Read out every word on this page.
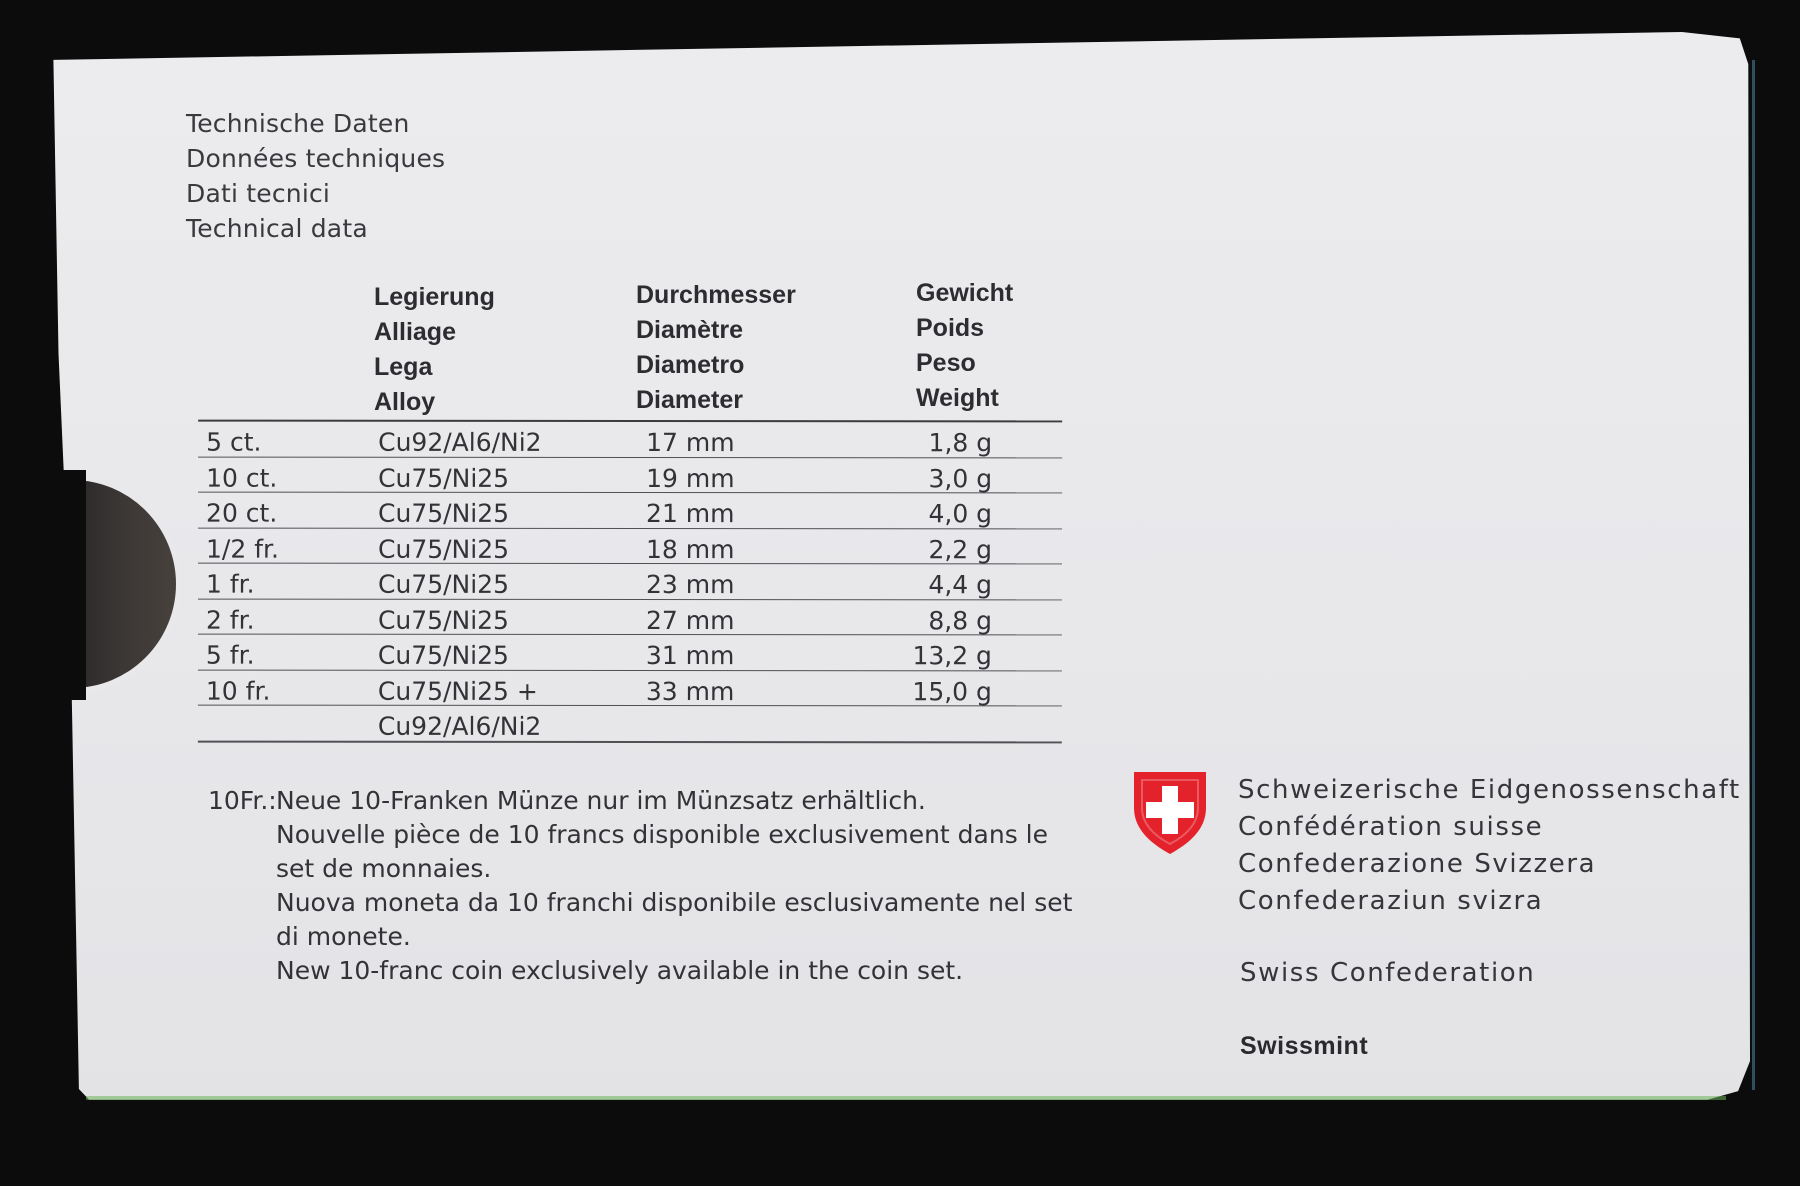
Technische Daten
Données techniques
Dati tecnici
Technical data
Legierung
Alliage
Lega
Alloy
Durchmesser
Diamètre
Diametro
Diameter
Gewicht
Poids
Peso
Weight
5 ct.	Cu92/Al6/Ni2	17 mm	1,8 g
10 ct.	Cu75/Ni25	19 mm	3,0 g
20 ct.	Cu75/Ni25	21 mm	4,0 g
1/2 fr.	Cu75/Ni25	18 mm	2,2 g
1 fr.	Cu75/Ni25	23 mm	4,4 g
2 fr.	Cu75/Ni25	27 mm	8,8 g
5 fr.	Cu75/Ni25	31 mm	13,2 g
10 fr.	Cu75/Ni25 +	33 mm	15,0 g
Cu92/Al6/Ni2
10Fr.: Neue 10-Franken Münze nur im Münzsatz erhältlich.
Nouvelle pièce de 10 francs disponible exclusivement dans le
set de monnaies.
Nuova moneta da 10 franchi disponibile esclusivamente nel set
di monete.
New 10-franc coin exclusively available in the coin set.
Schweizerische Eidgenossenschaft
Confédération suisse
Confederazione Svizzera
Confederaziun svizra
Swiss Confederation
Swissmint
